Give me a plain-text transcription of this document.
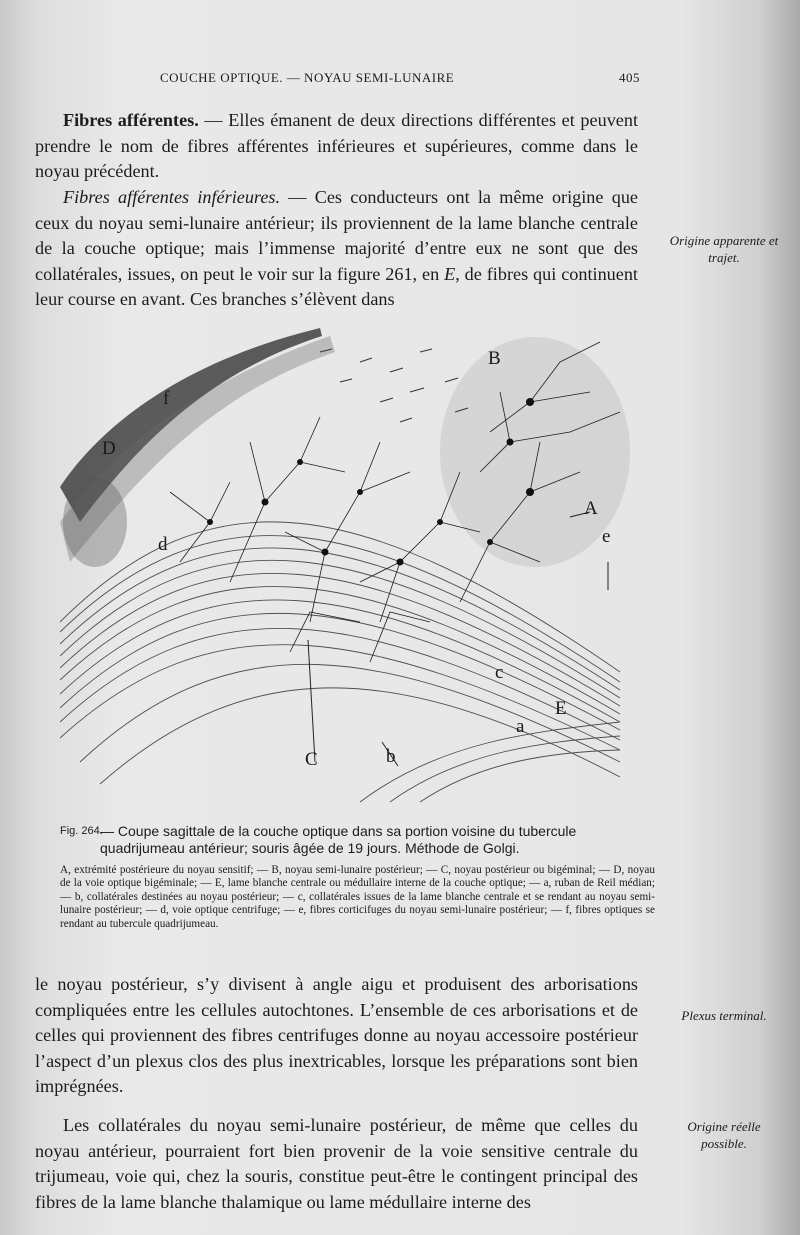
COUCHE OPTIQUE. — NOYAU SEMI-LUNAIRE	405

Fibres afférentes. — Elles émanent de deux directions différentes et peuvent prendre le nom de fibres afférentes inférieures et supérieures, comme dans le noyau précédent.

Fibres afférentes inférieures. — Ces conducteurs ont la même origine que ceux du noyau semi-lunaire antérieur; ils proviennent de la lame blanche centrale de la couche optique; mais l’immense majorité d’entre eux ne sont que des collatérales, issues, on peut le voir sur la figure 261, en E, de fibres qui continuent leur course en avant. Ces branches s’élèvent dans

Origine apparente et trajet.
f
D
B
A
e
d
c
E
a
C	b
Fig. 264.
— Coupe sagittale de la couche optique dans sa portion voisine du tubercule quadrijumeau antérieur; souris âgée de 19 jours. Méthode de Golgi.
A, extrémité postérieure du noyau sensitif; — B, noyau semi-lunaire postérieur; — C, noyau postérieur ou bigéminal; — D, noyau de la voie optique bigéminale; — E, lame blanche centrale ou médullaire interne de la couche optique; — a, ruban de Reil médian; — b, collatérales destinées au noyau postérieur; — c, collatérales issues de la lame blanche centrale et se rendant au noyau semi-lunaire postérieur; — d, voie optique centrifuge; — e, fibres corticifuges du noyau semi-lunaire postérieur; — f, fibres optiques se rendant au tubercule quadrijumeau.

le noyau postérieur, s’y divisent à angle aigu et produisent des arborisations compliquées entre les cellules autochtones. L’ensemble de ces arborisations et de celles qui proviennent des fibres centrifuges donne au noyau accessoire postérieur l’aspect d’un plexus clos des plus inextricables, lorsque les préparations sont bien imprégnées.

Plexus terminal.

Les collatérales du noyau semi-lunaire postérieur, de même que celles du noyau antérieur, pourraient fort bien provenir de la voie sensitive centrale du trijumeau, voie qui, chez la souris, constitue peut-être le contingent principal des fibres de la lame blanche thalamique ou lame médullaire interne des

Origine réelle possible.
